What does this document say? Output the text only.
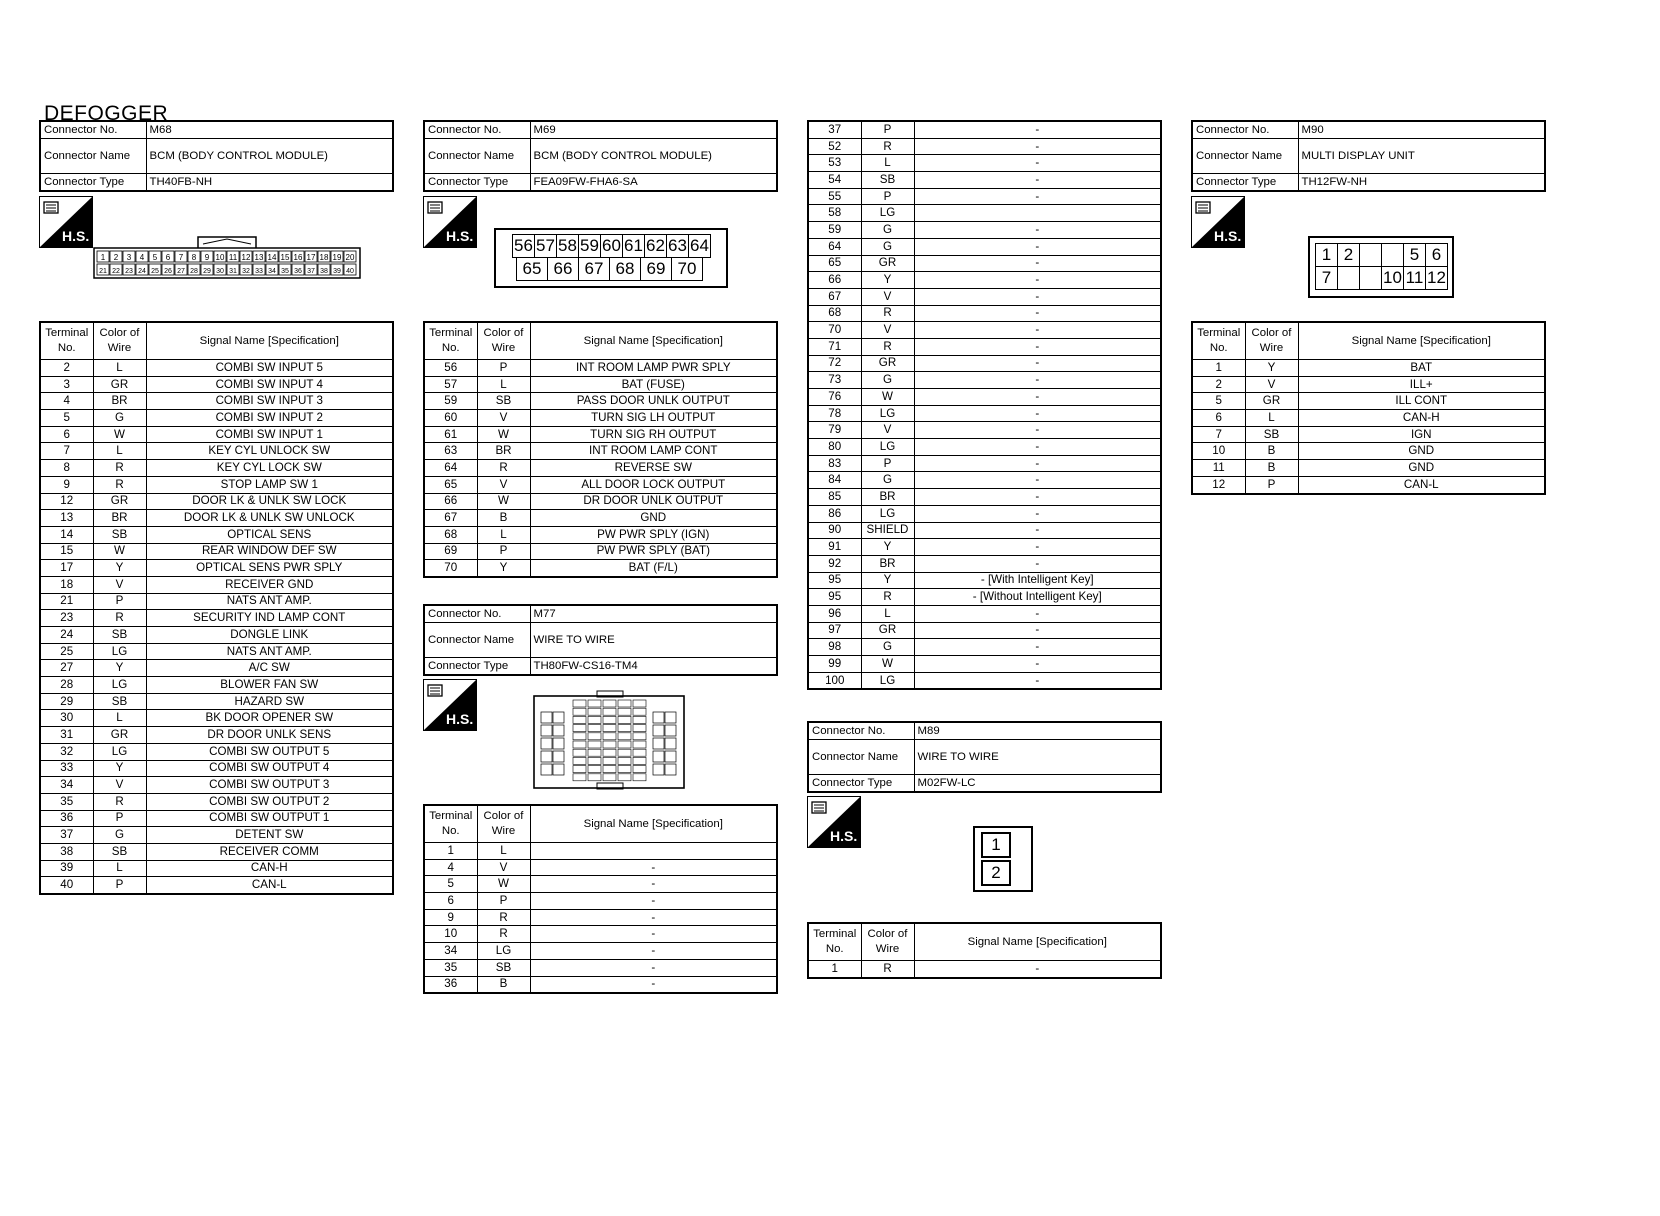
DEFOGGER
Connector No.	M68
Connector Name	BCM (BODY CONTROL MODULE)
Connector Type	TH40FB-NH
H.S.
1
21
2
22
3
23
4
24
5
25
6
26
7
27
8
28
9
29
10
30
11
31
12
32
13
33
14
34
15
35
16
36
17
37
18
38
19
39
20
40
Terminal No.	Color of Wire	Signal Name [Specification]
2	L	COMBI SW INPUT 5
3	GR	COMBI SW INPUT 4
4	BR	COMBI SW INPUT 3
5	G	COMBI SW INPUT 2
6	W	COMBI SW INPUT 1
7	L	KEY CYL UNLOCK SW
8	R	KEY CYL LOCK SW
9	R	STOP LAMP SW 1
12	GR	DOOR LK & UNLK SW LOCK
13	BR	DOOR LK & UNLK SW UNLOCK
14	SB	OPTICAL SENS
15	W	REAR WINDOW DEF SW
17	Y	OPTICAL SENS PWR SPLY
18	V	RECEIVER GND
21	P	NATS ANT AMP.
23	R	SECURITY IND LAMP CONT
24	SB	DONGLE LINK
25	LG	NATS ANT AMP.
27	Y	A/C SW
28	LG	BLOWER FAN SW
29	SB	HAZARD SW
30	L	BK DOOR OPENER SW
31	GR	DR DOOR UNLK SENS
32	LG	COMBI SW OUTPUT 5
33	Y	COMBI SW OUTPUT 4
34	V	COMBI SW OUTPUT 3
35	R	COMBI SW OUTPUT 2
36	P	COMBI SW OUTPUT 1
37	G	DETENT SW
38	SB	RECEIVER COMM
39	L	CAN-H
40	P	CAN-L
Connector No.	M69
Connector Name	BCM (BODY CONTROL MODULE)
Connector Type	FEA09FW-FHA6-SA
H.S. 56 57 58 59 60 61 62 63 64
65 66 67 68 69 70
Terminal No.	Color of Wire	Signal Name [Specification]
56	P	INT ROOM LAMP PWR SPLY
57	L	BAT (FUSE)
59	SB	PASS DOOR UNLK OUTPUT
60	V	TURN SIG LH OUTPUT
61	W	TURN SIG RH OUTPUT
63	BR	INT ROOM LAMP CONT
64	R	REVERSE SW
65	V	ALL DOOR LOCK OUTPUT
66	W	DR DOOR UNLK OUTPUT
67	B	GND
68	L	PW PWR SPLY (IGN)
69	P	PW PWR SPLY (BAT)
70	Y	BAT (F/L)
Connector No.	M77
Connector Name	WIRE TO WIRE
Connector Type	TH80FW-CS16-TM4
H.S.
Terminal No.	Color of Wire	Signal Name [Specification]
1	L	
4	V	-
5	W	-
6	P	-
9	R	-
10	R	-
34	LG	-
35	SB	-
36	B	-
37	P	-
52	R	-
53	L	-
54	SB	-
55	P	-
58	LG	
59	G	-
64	G	-
65	GR	-
66	Y	-
67	V	-
68	R	-
70	V	-
71	R	-
72	GR	-
73	G	-
76	W	-
78	LG	-
79	V	-
80	LG	-
83	P	-
84	G	-
85	BR	-
86	LG	-
90	SHIELD	-
91	Y	-
92	BR	-
95	Y	- [With Intelligent Key]
95	R	- [Without Intelligent Key]
96	L	-
97	GR	-
98	G	-
99	W	-
100	LG	-
Connector No.	M89
Connector Name	WIRE TO WIRE
Connector Type	M02FW-LC
H.S.	1 2
Terminal No.	Color of Wire	Signal Name [Specification]
1	R	-
Connector No.	M90
Connector Name	MULTI DISPLAY UNIT
Connector Type	TH12FW-NH
H.S.
1 2

	5 6
7

	10 11 12
Terminal No.	Color of Wire	Signal Name [Specification]
1	Y	BAT
2	V	ILL+
5	GR	ILL CONT
6	L	CAN-H
7	SB	IGN
10	B	GND
11	B	GND
12	P	CAN-L
